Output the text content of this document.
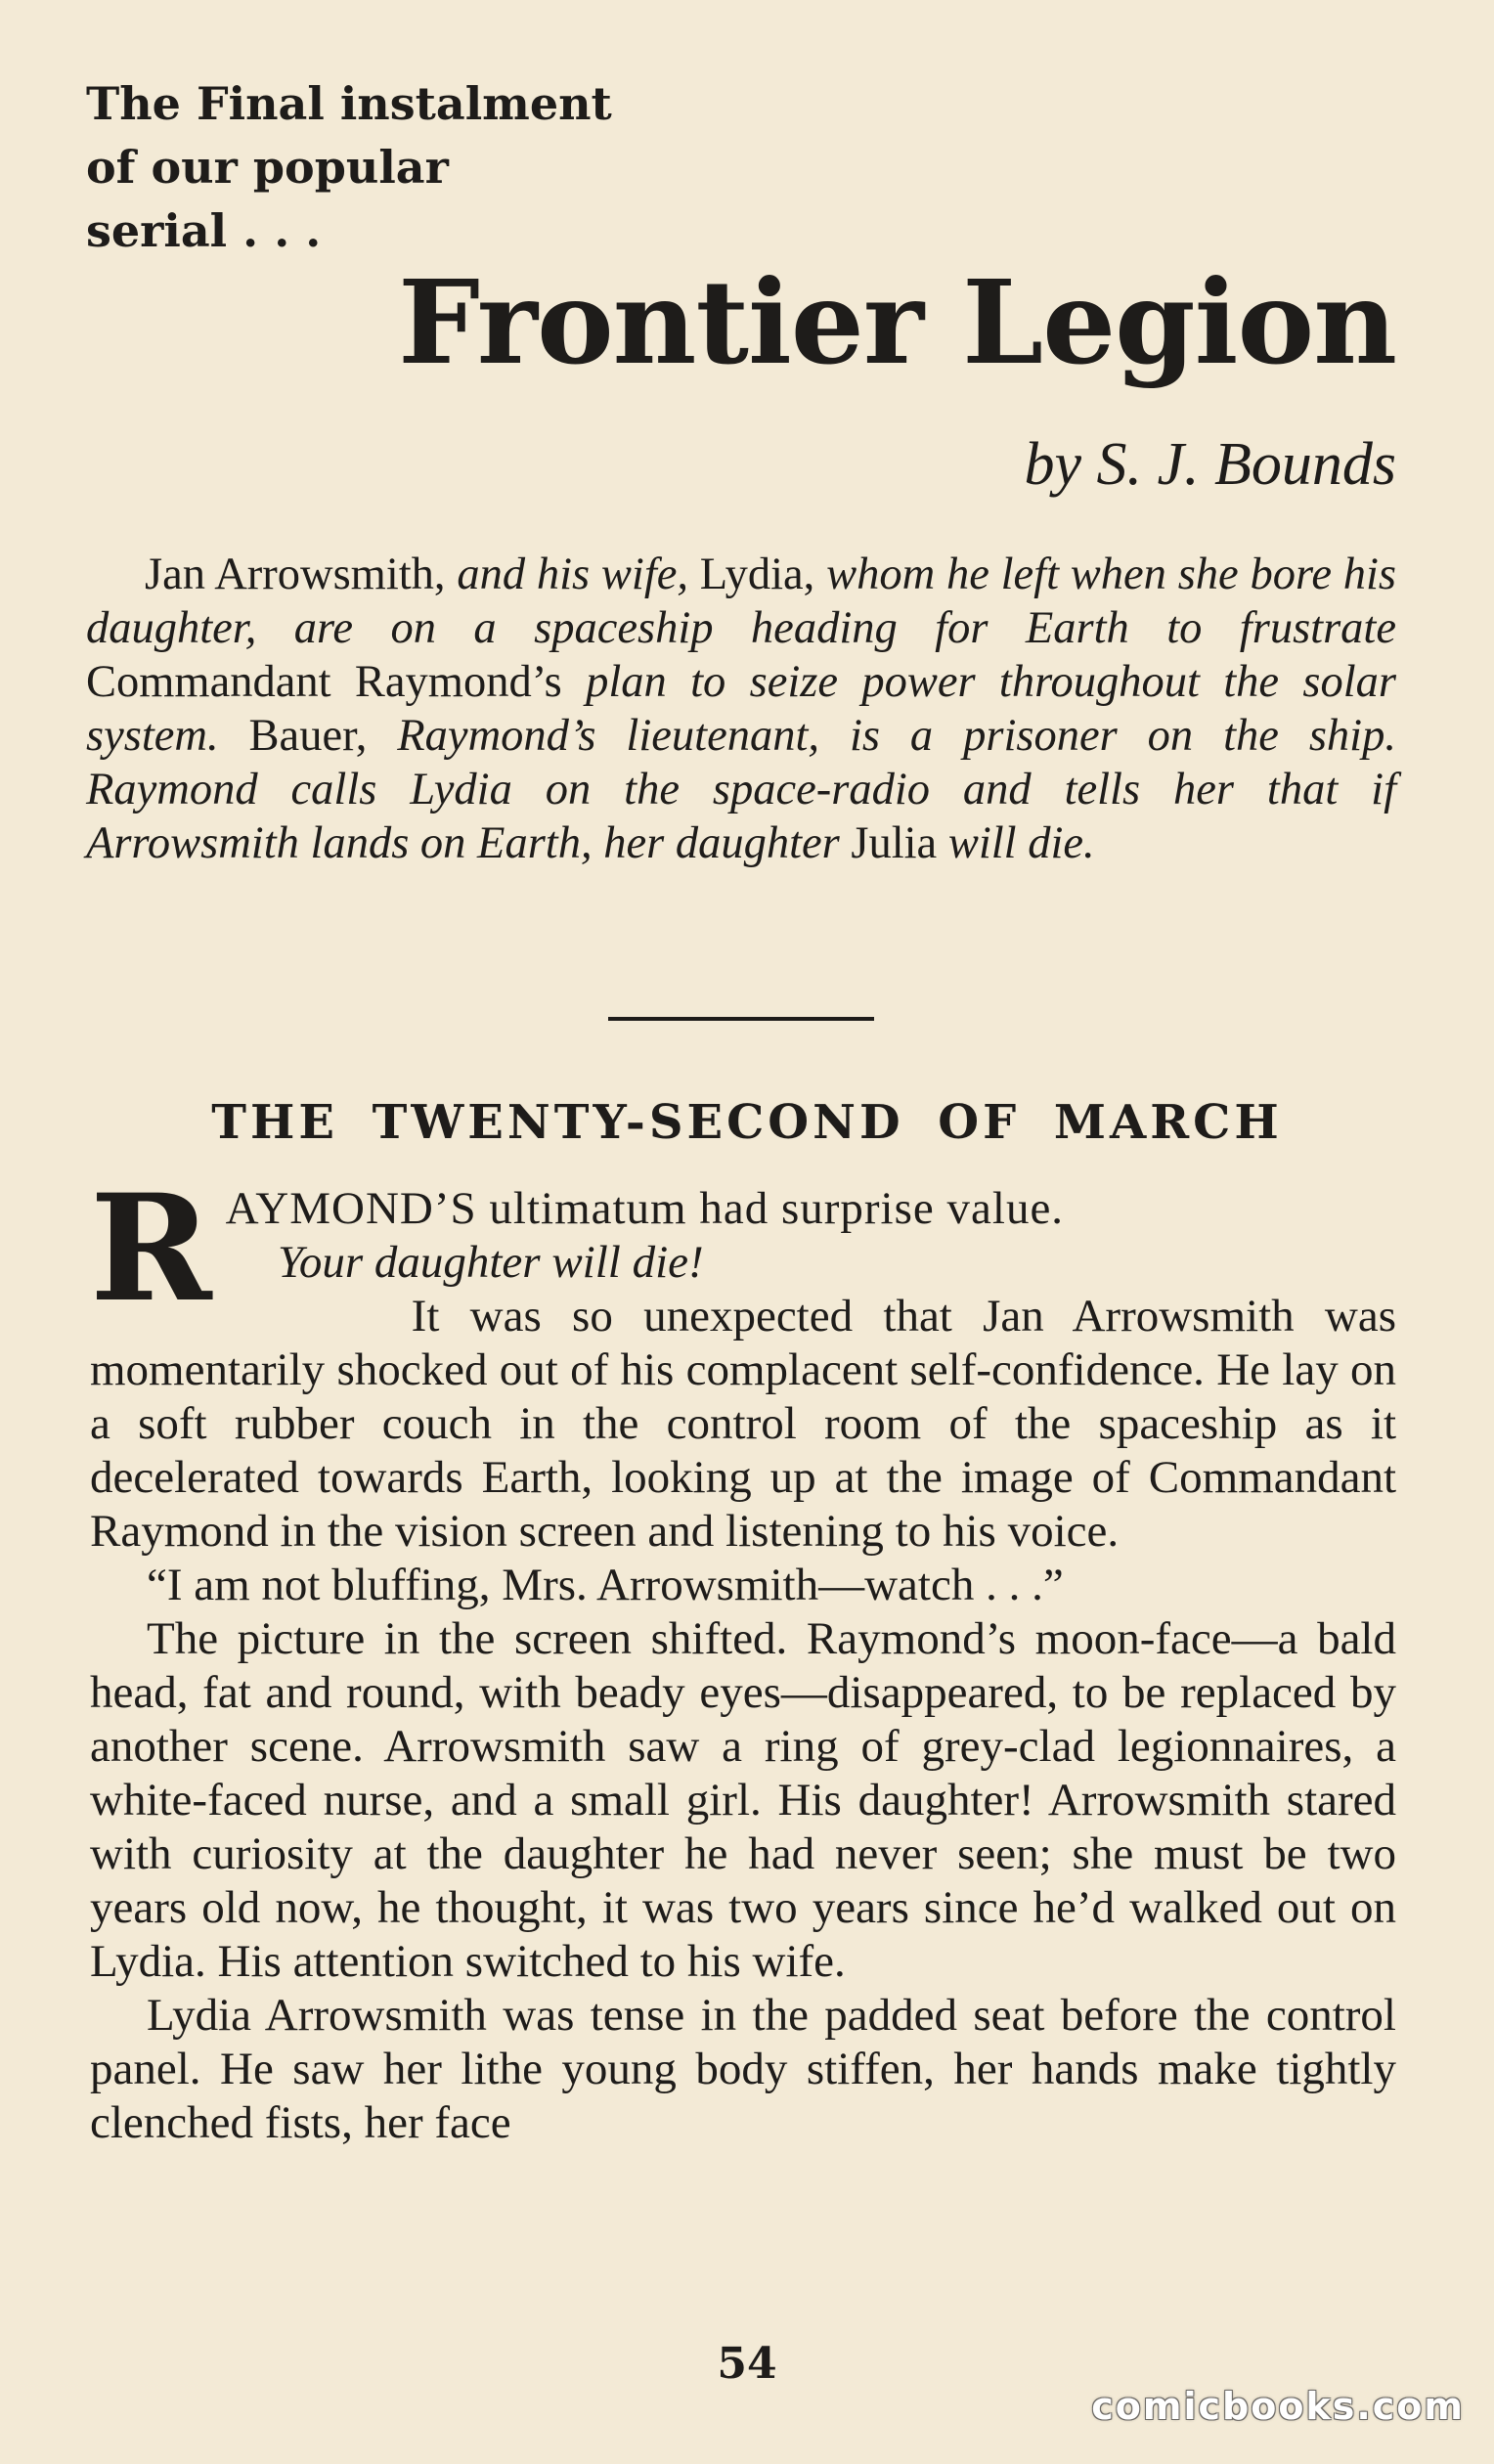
The Final instalment
of our popular
serial . . .
Frontier Legion
by S. J. Bounds

Jan Arrowsmith, and his wife, Lydia, whom he left when she bore his daughter, are on a spaceship heading for Earth to frustrate Commandant Raymond’s plan to seize power throughout the solar system. Bauer, Raymond’s lieutenant, is a prisoner on the ship. Raymond calls Lydia on the space-radio and tells her that if Arrowsmith lands on Earth, her daughter Julia will die.

THE TWENTY-SECOND OF MARCH

R AYMOND’S ultimatum had surprise value.
Your daughter will die!
It was so unexpected that Jan Arrowsmith was momentarily shocked out of his complacent self-confidence. He lay on a soft rubber couch in the control room of the spaceship as it decelerated towards Earth, looking up at the image of Commandant Raymond in the vision screen and listening to his voice.

“I am not bluffing, Mrs. Arrowsmith—watch . . .”

The picture in the screen shifted. Raymond’s moon-face—a bald head, fat and round, with beady eyes—disappeared, to be replaced by another scene. Arrowsmith saw a ring of grey-clad legionnaires, a white-faced nurse, and a small girl. His daughter! Arrowsmith stared with curiosity at the daughter he had never seen; she must be two years old now, he thought, it was two years since he’d walked out on Lydia. His attention switched to his wife.

Lydia Arrowsmith was tense in the padded seat before the control panel. He saw her lithe young body stiffen, her hands make tightly clenched fists, her face

54
comicbooks.com
